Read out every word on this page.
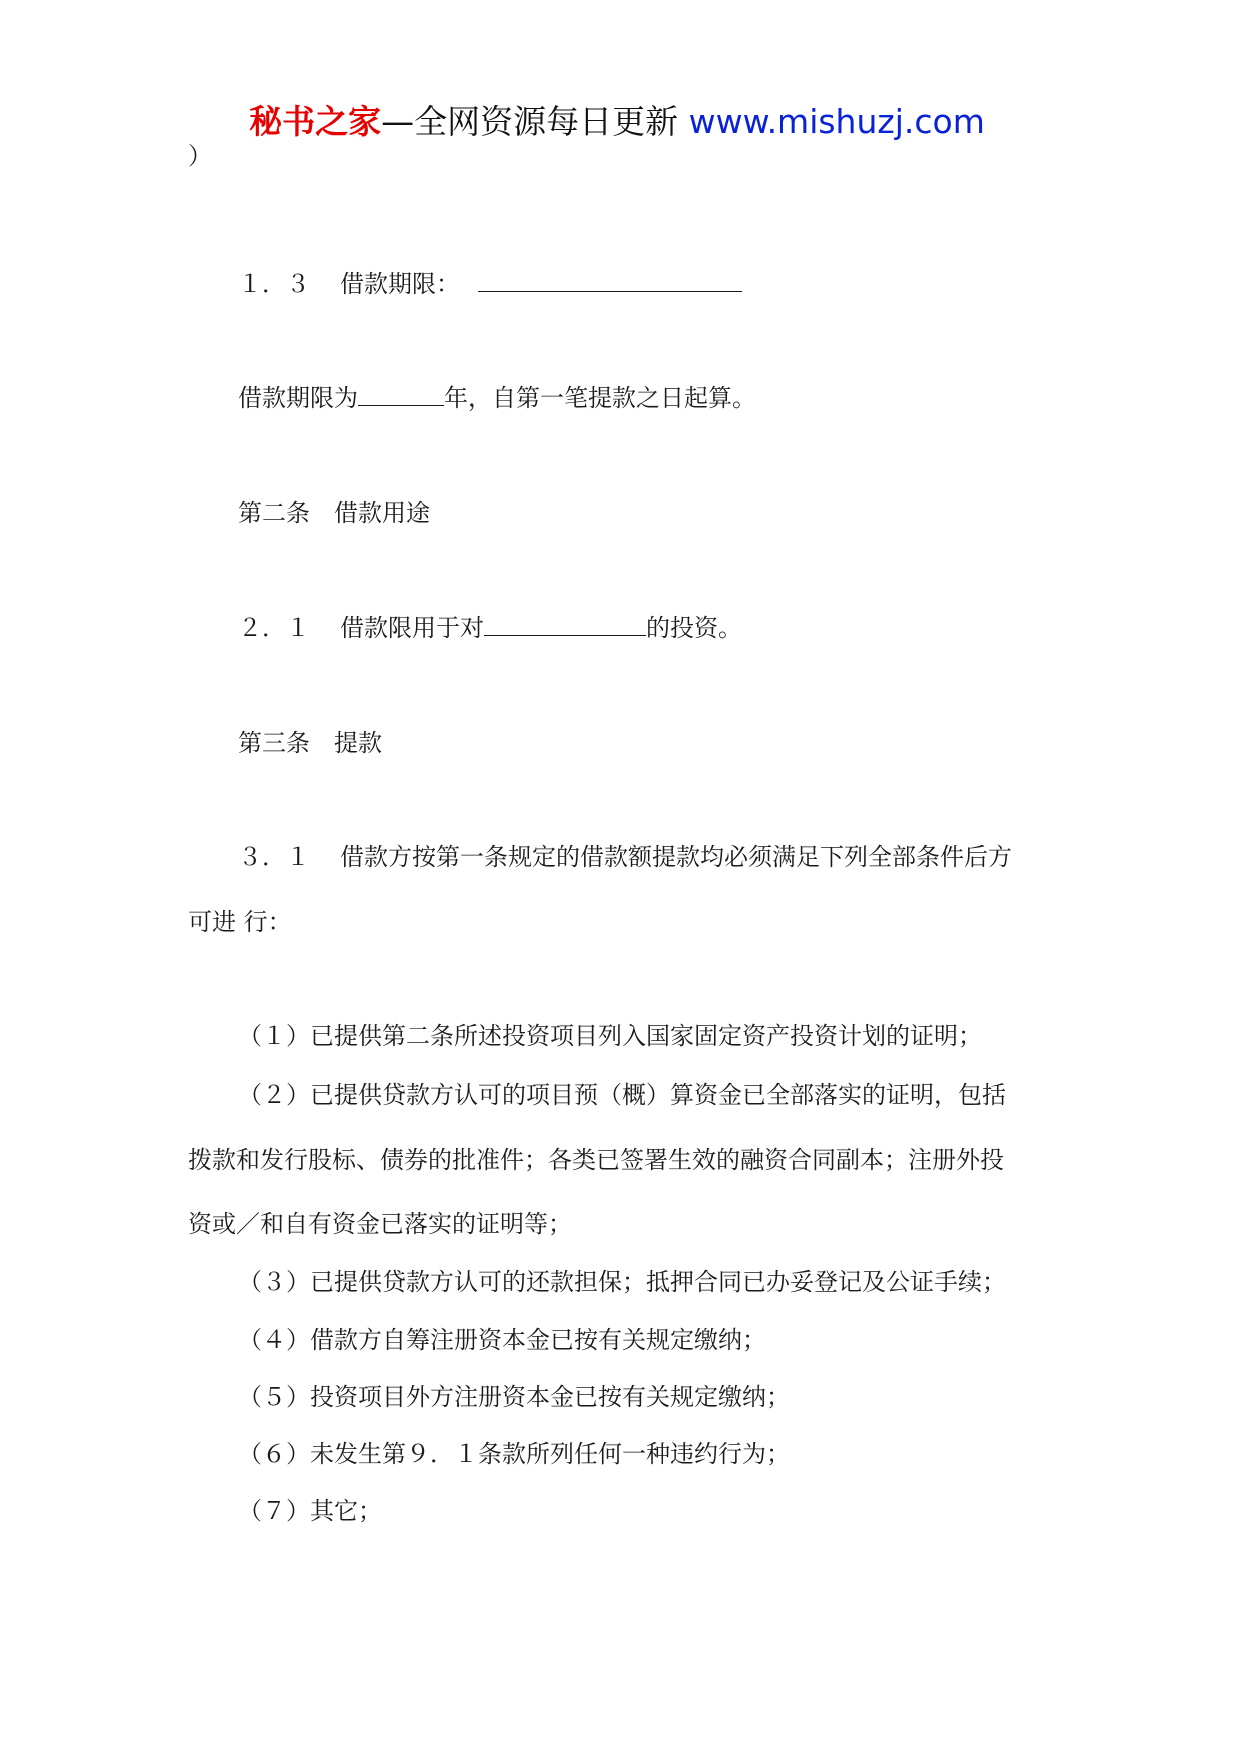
秘书之家—全网资源每日更新 www.mishuzj.com
）
１．３ 借款期限：
借款期限为	年，自第一笔提款之日起算。
第二条 借款用途
２．１ 借款限用于对	的投资。
第三条 提款
３．１ 借款方按第一条规定的借款额提款均必须满足下列全部条件后方
可进 行：
（１）已提供第二条所述投资项目列入国家固定资产投资计划的证明；
（２）已提供贷款方认可的项目预（概）算资金已全部落实的证明，包括
拨款和发行股标、债券的批准件；各类已签署生效的融资合同副本；注册外投
资或／和自有资金已落实的证明等；
（３）已提供贷款方认可的还款担保；抵押合同已办妥登记及公证手续；
（４）借款方自筹注册资本金已按有关规定缴纳；
（５）投资项目外方注册资本金已按有关规定缴纳；
（６）未发生第９．１条款所列任何一种违约行为；
（７）其它；
